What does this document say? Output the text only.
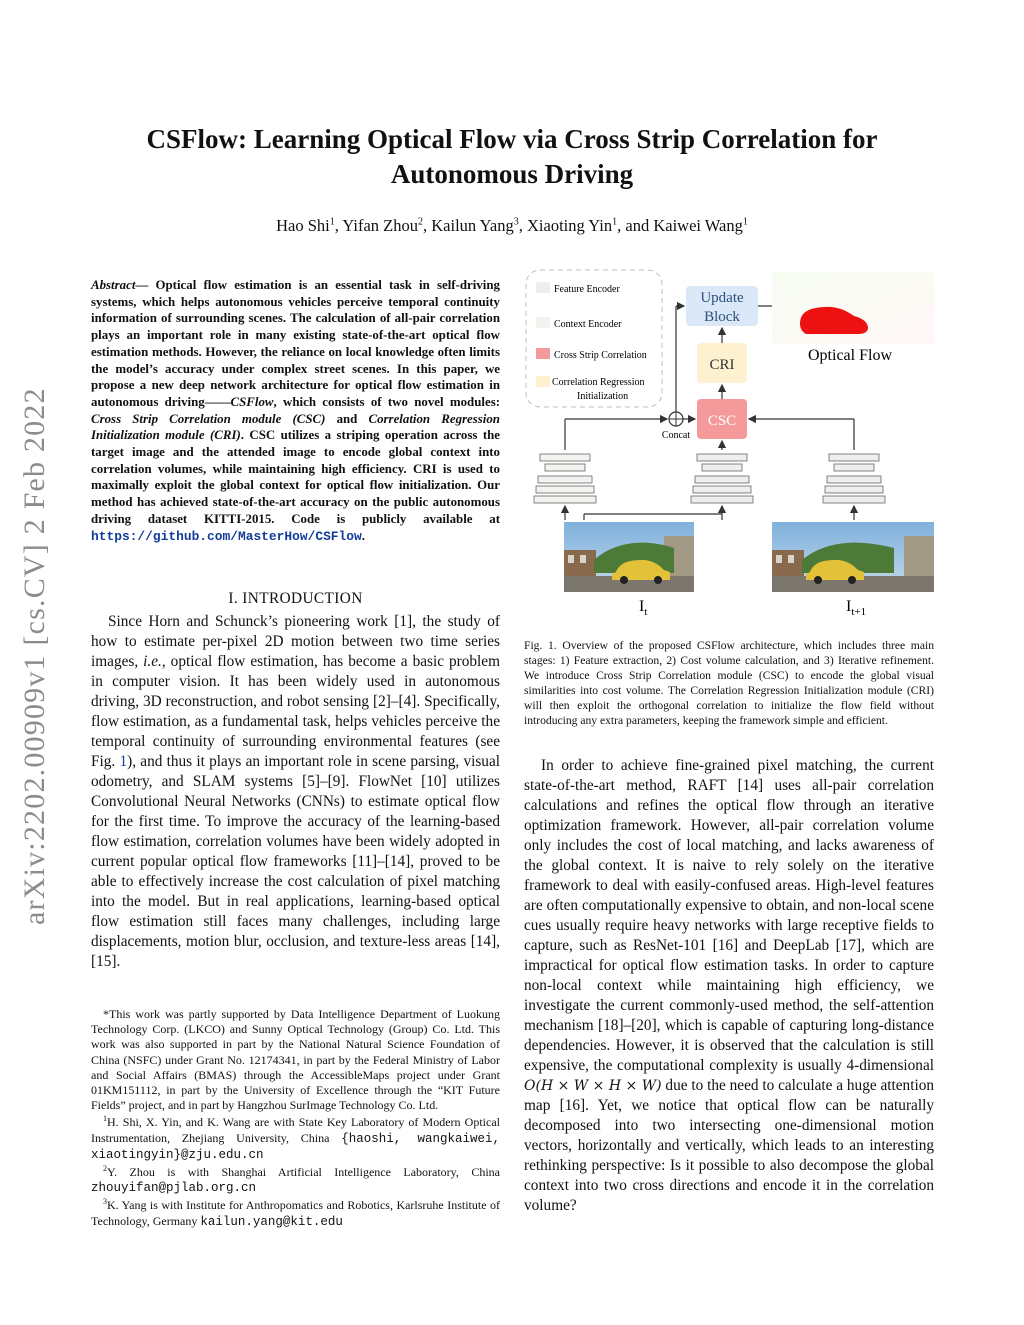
CSFlow: Learning Optical Flow via Cross Strip Correlation for
Autonomous Driving
Hao Shi$^1$, Yifan Zhou$^2$, Kailun Yang$^3$, Xiaoting Yin$^1$, and Kaiwei Wang$^1$
arXiv:2202.00909v1 [cs.CV] 2 Feb 2022
Abstract— Optical flow estimation is an essential task in self-driving systems, which helps autonomous vehicles perceive temporal continuity information of surrounding scenes. The calculation of all-pair correlation plays an important role in many existing state-of-the-art optical flow estimation methods. However, the reliance on local knowledge often limits the model’s accuracy under complex street scenes. In this paper, we propose a new deep network architecture for optical flow estimation in autonomous driving——CSFlow, which consists of two novel modules: Cross Strip Correlation module (CSC) and Correlation Regression Initialization module (CRI). CSC utilizes a striping operation across the target image and the attended image to encode global context into correlation volumes, while maintaining high efficiency. CRI is used to maximally exploit the global context for optical flow initialization. Our method has achieved state-of-the-art accuracy on the public autonomous driving dataset KITTI-2015. Code is publicly available at https://github.com/MasterHow/CSFlow.
I. INTRODUCTION

Since Horn and Schunck’s pioneering work [1], the study of how to estimate per-pixel 2D motion between two time series images, i.e., optical flow estimation, has become a basic problem in computer vision. It has been widely used in autonomous driving, 3D reconstruction, and robot sensing [2]–[4]. Specifically, flow estimation, as a fundamental task, helps vehicles perceive the temporal continuity of surrounding environmental features (see Fig. 1), and thus it plays an important role in scene parsing, visual odometry, and SLAM systems [5]–[9]. FlowNet [10] utilizes Convolutional Neural Networks (CNNs) to estimate optical flow for the first time. To improve the accuracy of the learning-based flow estimation, correlation volumes have been widely adopted in current popular optical flow frameworks [11]–[14], proved to be able to effectively increase the cost calculation of pixel matching into the model. But in real applications, learning-based optical flow estimation still faces many challenges, including large displacements, motion blur, occlusion, and texture-less areas [14], [15].

*This work was partly supported by Data Intelligence Department of Luokung Technology Corp. (LKCO) and Sunny Optical Technology (Group) Co. Ltd. This work was also supported in part by the National Natural Science Foundation of China (NSFC) under Grant No. 12174341, in part by the Federal Ministry of Labor and Social Affairs (BMAS) through the AccessibleMaps project under Grant 01KM151112, in part by the University of Excellence through the “KIT Future Fields” project, and in part by Hangzhou SurImage Technology Co. Ltd.

$^1$H. Shi, X. Yin, and K. Wang are with State Key Laboratory of Modern Optical Instrumentation, Zhejiang University, China {haoshi, wangkaiwei, xiaotingyin}@zju.edu.cn

$^2$Y. Zhou is with Shanghai Artificial Intelligence Laboratory, China zhouyifan@pjlab.org.cn

$^3$K. Yang is with Institute for Anthropomatics and Robotics, Karlsruhe Institute of Technology, Germany kailun.yang@kit.edu

Feature Encoder
Context Encoder
Cross Strip Correlation
Correlation Regression
Initialization
Update
Block
CRI
CSC
Concat
$I_t$	$I_{t+1}$
Optical Flow
Fig. 1. Overview of the proposed CSFlow architecture, which includes three main stages: 1) Feature extraction, 2) Cost volume calculation, and 3) Iterative refinement. We introduce Cross Strip Correlation module (CSC) to encode the global visual similarities into cost volume. The Correlation Regression Initialization module (CRI) will then exploit the orthogonal correlation to initialize the flow field without introducing any extra parameters, keeping the framework simple and efficient.

In order to achieve fine-grained pixel matching, the current state-of-the-art method, RAFT [14] uses all-pair correlation calculations and refines the optical flow through an iterative optimization framework. However, all-pair correlation volume only includes the cost of local matching, and lacks awareness of the global context. It is naive to rely solely on the iterative framework to deal with easily-confused areas. High-level features are often computationally expensive to obtain, and non-local scene cues usually require heavy networks with large receptive fields to capture, such as ResNet-101 [16] and DeepLab [17], which are impractical for optical flow estimation tasks. In order to capture non-local context while maintaining high efficiency, we investigate the current commonly-used method, the self-attention mechanism [18]–[20], which is capable of capturing long-distance dependencies. However, it is observed that the calculation is still expensive, the computational complexity is usually 4-dimensional O(H × W × H × W) due to the need to calculate a huge attention map [16]. Yet, we notice that optical flow can be naturally decomposed into two intersecting one-dimensional motion vectors, horizontally and vertically, which leads to an interesting rethinking perspective: Is it possible to also decompose the global context into two cross directions and encode it in the correlation volume?
